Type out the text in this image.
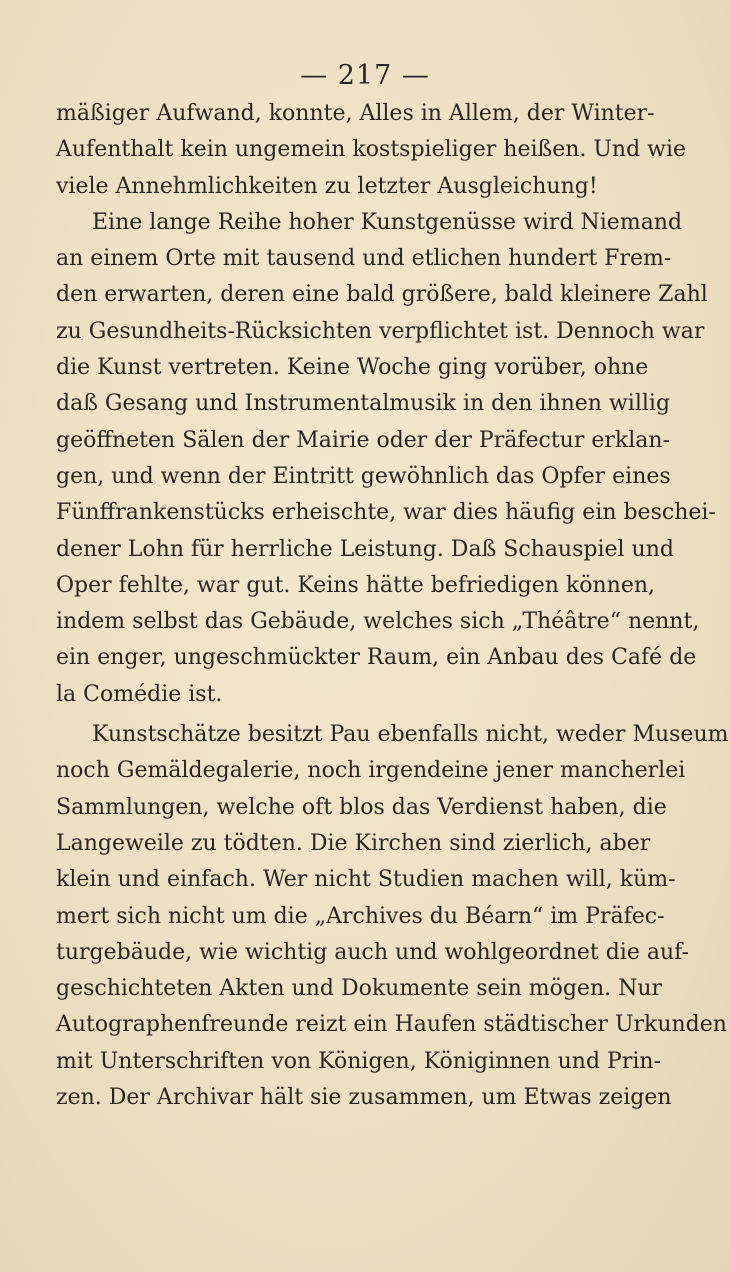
— 217 —
mäßiger Aufwand, konnte, Alles in Allem, der Winter-
Aufenthalt kein ungemein kostspieliger heißen. Und wie
viele Annehmlichkeiten zu letzter Ausgleichung!
Eine lange Reihe hoher Kunstgenüsse wird Niemand
an einem Orte mit tausend und etlichen hundert Frem-
den erwarten, deren eine bald größere, bald kleinere Zahl
zu Gesundheits-Rücksichten verpflichtet ist. Dennoch war
die Kunst vertreten. Keine Woche ging vorüber, ohne
daß Gesang und Instrumentalmusik in den ihnen willig
geöffneten Sälen der Mairie oder der Präfectur erklan-
gen, und wenn der Eintritt gewöhnlich das Opfer eines
Fünffrankenstücks erheischte, war dies häufig ein beschei-
dener Lohn für herrliche Leistung. Daß Schauspiel und
Oper fehlte, war gut. Keins hätte befriedigen können,
indem selbst das Gebäude, welches sich „Théâtre“ nennt,
ein enger, ungeschmückter Raum, ein Anbau des Café de
la Comédie ist.
Kunstschätze besitzt Pau ebenfalls nicht, weder Museum
noch Gemäldegalerie, noch irgendeine jener mancherlei
Sammlungen, welche oft blos das Verdienst haben, die
Langeweile zu tödten. Die Kirchen sind zierlich, aber
klein und einfach. Wer nicht Studien machen will, küm-
mert sich nicht um die „Archives du Béarn“ im Präfec-
turgebäude, wie wichtig auch und wohlgeordnet die auf-
geschichteten Akten und Dokumente sein mögen. Nur
Autographenfreunde reizt ein Haufen städtischer Urkunden
mit Unterschriften von Königen, Königinnen und Prin-
zen. Der Archivar hält sie zusammen, um Etwas zeigen
